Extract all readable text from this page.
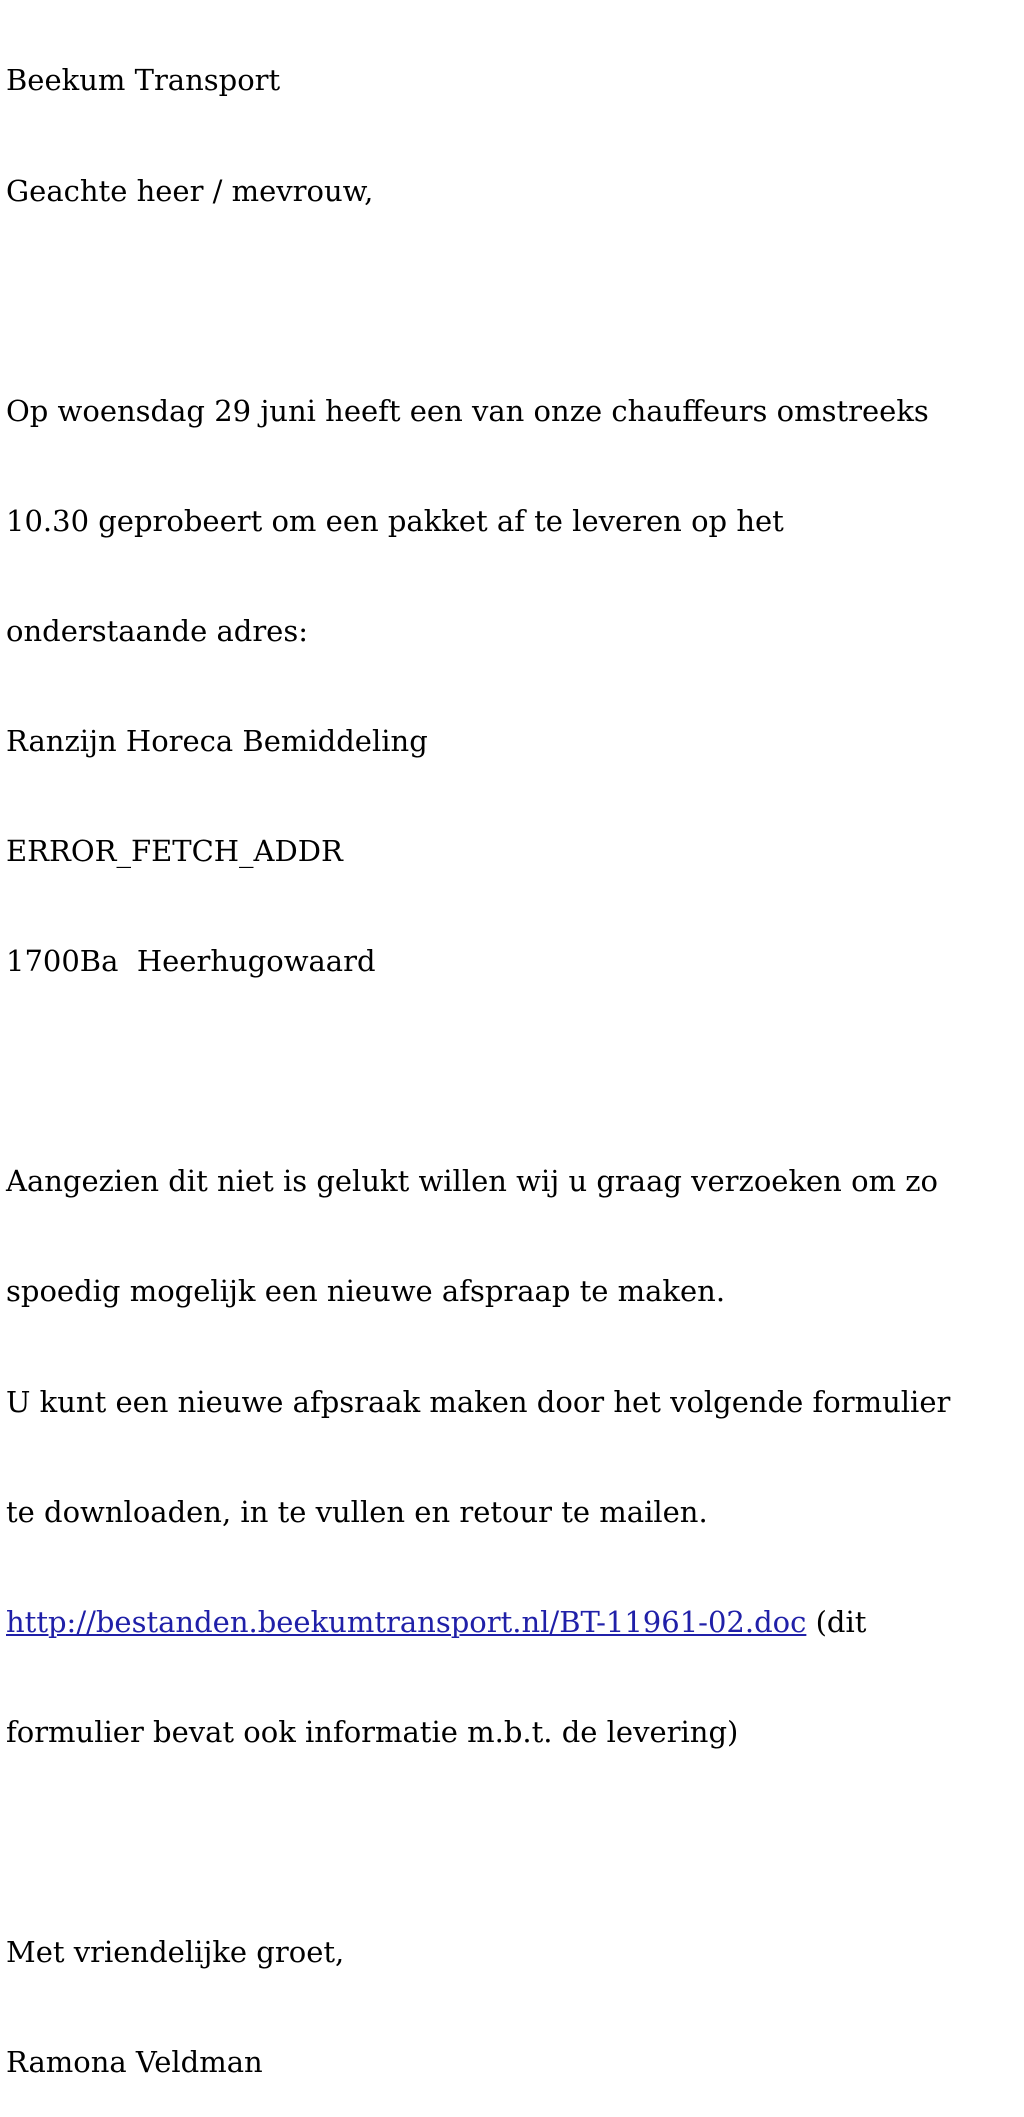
Beekum Transport

Geachte heer / mevrouw,

Op woensdag 29 juni heeft een van onze chauffeurs omstreeks

10.30 geprobeert om een pakket af te leveren op het

onderstaande adres:

Ranzijn Horeca Bemiddeling

ERROR_FETCH_ADDR

1700Ba  Heerhugowaard

Aangezien dit niet is gelukt willen wij u graag verzoeken om zo

spoedig mogelijk een nieuwe afspraap te maken.

U kunt een nieuwe afpsraak maken door het volgende formulier

te downloaden, in te vullen en retour te mailen.

http://bestanden.beekumtransport.nl/BT-11961-02.doc (dit

formulier bevat ook informatie m.b.t. de levering)

Met vriendelijke groet,

Ramona Veldman
